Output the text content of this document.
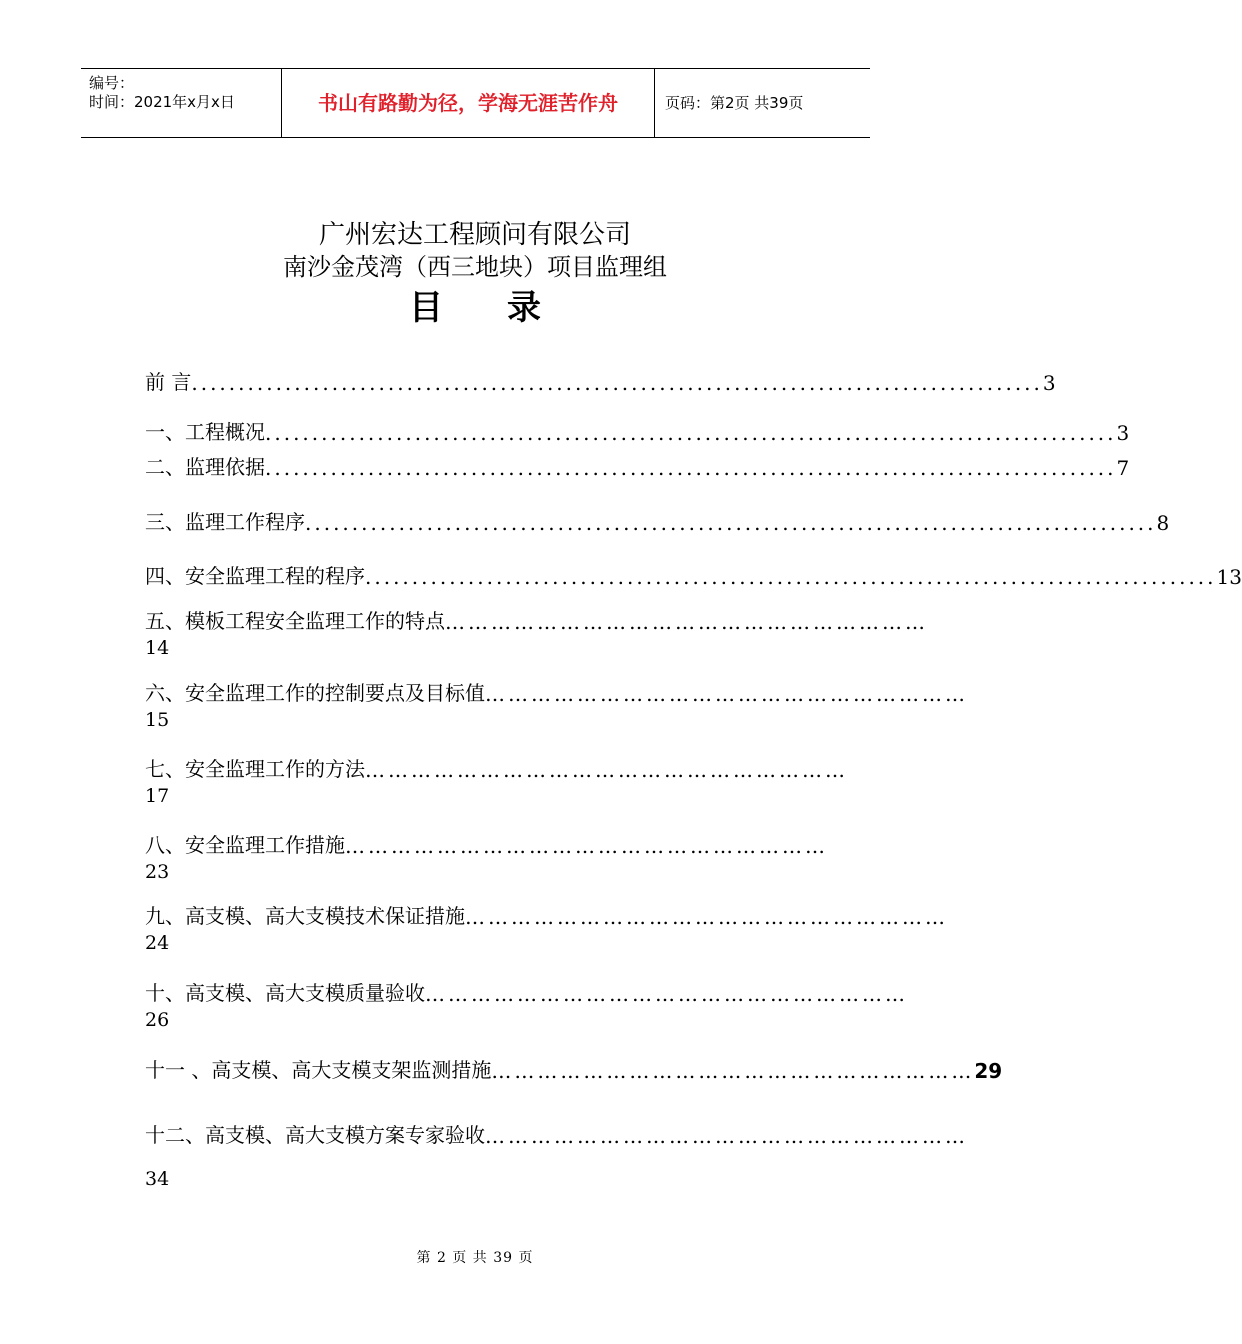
编号：
时间：2021年x月x日	书山有路勤为径，学海无涯苦作舟	页码：第2页 共39页
广州宏达工程顾问有限公司
南沙金茂湾（西三地块）项目监理组
目录
前 言 ........................................................................................... 3
一、工程概况 ........................................................................................... 3
二、监理依据 ........................................................................................... 7
三、监理工作程序 ........................................................................................... 8
四、安全监理工程的程序 ........................................................................................... 13
五、模板工程安全监理工作的特点 ………………………………………………………
14
六、安全监理工作的控制要点及目标值 ………………………………………………………
15
七、安全监理工作的方法 ………………………………………………………
17
八、安全监理工作措施 ………………………………………………………
23
九、高支模、高大支模技术保证措施 ………………………………………………………
24
十、高支模、高大支模质量验收 ………………………………………………………
26
十一 、高支模、高大支模支架监测措施 ……………………………………………………… 29
十二、高支模、高大支模方案专家验收 ………………………………………………………
34
第 2 页 共 39 页
